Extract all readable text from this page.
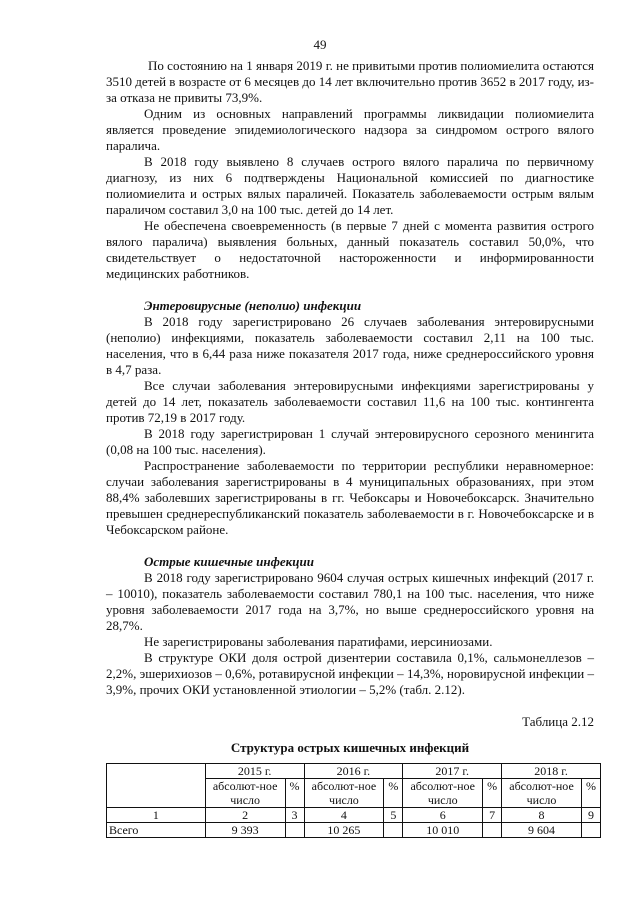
49

По состоянию на 1 января 2019 г. не привитыми против полиомиелита остаются 3510 детей в возрасте от 6 месяцев до 14 лет включительно против 3652 в 2017 году, из-за отказа не привиты 73,9%.

Одним из основных направлений программы ликвидации полиомиелита является проведение эпидемиологического надзора за синдромом острого вялого паралича.

В 2018 году выявлено 8 случаев острого вялого паралича по первичному диагнозу, из них 6 подтверждены Национальной комиссией по диагностике полиомиелита и острых вялых параличей. Показатель заболеваемости острым вялым параличом составил 3,0 на 100 тыс. детей до 14 лет.

Не обеспечена своевременность (в первые 7 дней с момента развития острого вялого паралича) выявления больных, данный показатель составил 50,0%, что свидетельствует о недостаточной настороженности и информированности медицинских работников.

Энтеровирусные (неполио) инфекции

В 2018 году зарегистрировано 26 случаев заболевания энтеровирусными (неполио) инфекциями, показатель заболеваемости составил 2,11 на 100 тыс. населения, что в 6,44 раза ниже показателя 2017 года, ниже среднероссийского уровня в 4,7 раза.

Все случаи заболевания энтеровирусными инфекциями зарегистрированы у детей до 14 лет, показатель заболеваемости составил 11,6 на 100 тыс. контингента против 72,19 в 2017 году.

В 2018 году зарегистрирован 1 случай энтеровирусного серозного менингита (0,08 на 100 тыс. населения).

Распространение заболеваемости по территории республики неравномерное: случаи заболевания зарегистрированы в 4 муниципальных образованиях, при этом 88,4% заболевших зарегистрированы в гг. Чебоксары и Новочебоксарск. Значительно превышен среднереспубликанский показатель заболеваемости в г. Новочебоксарске и в Чебоксарском районе.

Острые кишечные инфекции

В 2018 году зарегистрировано 9604 случая острых кишечных инфекций (2017 г. – 10010), показатель заболеваемости составил 780,1 на 100 тыс. населения, что ниже уровня заболеваемости 2017 года на 3,7%, но выше среднероссийского уровня на 28,7%.

Не зарегистрированы заболевания паратифами, иерсиниозами.

В структуре ОКИ доля острой дизентерии составила 0,1%, сальмонеллезов – 2,2%, эшерихиозов – 0,6%, ротавирусной инфекции – 14,3%, норовирусной инфекции – 3,9%, прочих ОКИ установленной этиологии – 5,2% (табл. 2.12).

Таблица 2.12
Структура острых кишечных инфекций
	2015 г.		2016 г.		2017 г.		2018 г.	
	абсолют-ное число	%	абсолют-ное число	%	абсолют-ное число	%	абсолют-ное число	%
1	2	3	4	5	6	7	8	9
Всего	9 393		10 265		10 010		9 604	
